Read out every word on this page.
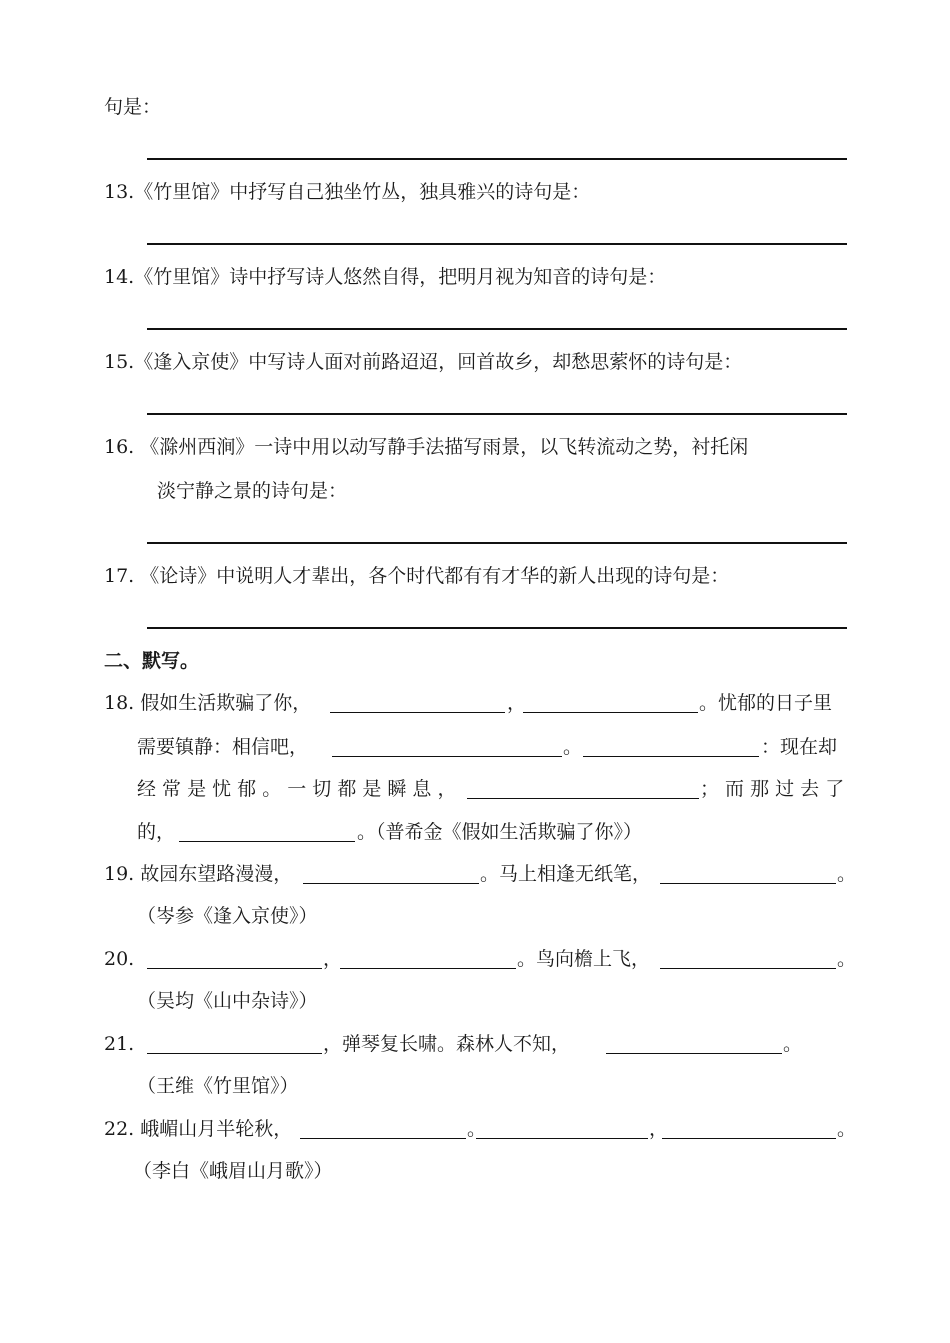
句是：
13.《竹里馆》中抒写自己独坐竹丛，独具雅兴的诗句是：
14.《竹里馆》诗中抒写诗人悠然自得，把明月视为知音的诗句是：
15.《逢入京使》中写诗人面对前路迢迢，回首故乡，却愁思萦怀的诗句是：
16. 《滁州西涧》一诗中用以动写静手法描写雨景，以飞转流动之势，衬托闲
淡宁静之景的诗句是：
17. 《论诗》中说明人才辈出，各个时代都有有才华的新人出现的诗句是：
二、默写。
18. 假如生活欺骗了你，	，	。忧郁的日子里
需要镇静：相信吧，	。	：现在却
经 常 是 忧 郁 。 一 切 都 是 瞬 息 ，	； 而 那 过 去 了
的，	。（普希金《假如生活欺骗了你》）
19. 故园东望路漫漫，	。马上相逢无纸笔，	。
（岑参《逢入京使》）
20.	，	。鸟向檐上飞，	。
（吴均《山中杂诗》）
21.	，弹琴复长啸。森林人不知，	。
（王维《竹里馆》）
22. 峨嵋山月半轮秋，	。	，	。
（李白《峨眉山月歌》）
